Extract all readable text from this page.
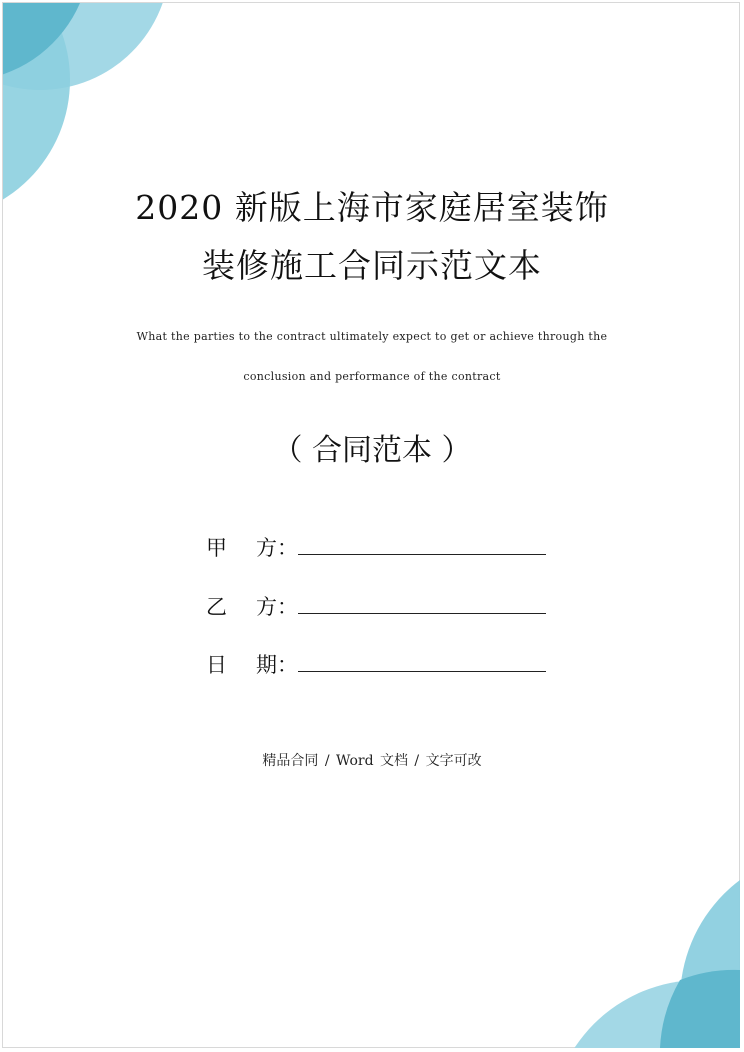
2020 新版上海市家庭居室装饰
装修施工合同示范文本
What the parties to the contract ultimately expect to get or achieve through the
conclusion and performance of the contract
（ 合同范本 ）
甲 方：
乙 方：
日 期：
精品合同 / Word 文档 / 文字可改
